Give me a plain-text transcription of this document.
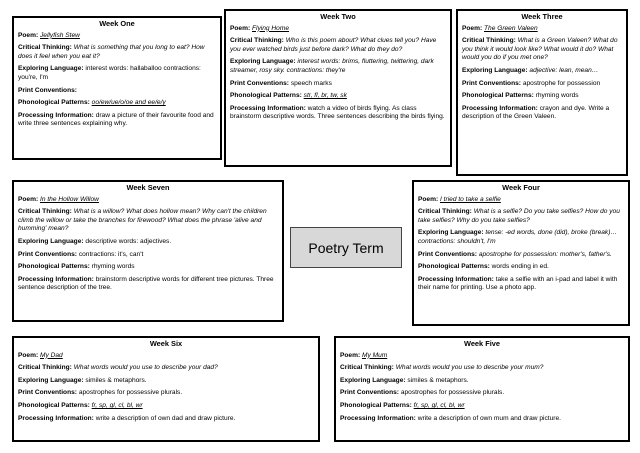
Week One

Poem: Jellyfish Stew

Critical Thinking: What is something that you long to eat? How does it feel when you eat it?

Exploring Language: interest words: hallaballoo contractions: you're, I'm

Print Conventions:

Phonological Patterns: oo/ew/ue/o/oe and ee/e/y

Processing Information: draw a picture of their favourite food and write three sentences explaining why.

Week Two

Poem: Flying Home

Critical Thinking: Who is this poem about? What clues tell you? Have you ever watched birds just before dark? What do they do?

Exploring Language: interest words: brims, fluttering, twittering, dark streamer, rosy sky. contractions: they're

Print Conventions: speech marks

Phonological Patterns: str, fl, br, tw, sk

Processing Information: watch a video of birds flying. As class brainstorm descriptive words. Three sentences describing the birds flying.

Week Three

Poem: The Green Valeen

Critical Thinking: What is a Green Valeen? What do you think it would look like? What would it do? What would you do if you met one?

Exploring Language: adjective: lean, mean…

Print Conventions: apostrophe for possession

Phonological Patterns: rhyming words

Processing Information: crayon and dye. Write a description of the Green Valeen.

Week Seven

Poem: In the Hollow Willow

Critical Thinking: What is a willow? What does hollow mean? Why can't the children climb the willow or take the branches for firewood? What does the phrase 'alive and humming' mean?

Exploring Language: descriptive words: adjectives.

Print Conventions: contractions: it's, can't

Phonological Patterns: rhyming words

Processing Information: brainstorm descriptive words for different tree pictures. Three sentence description of the tree.

Poetry Term
Week Four

Poem: I tried to take a selfie

Critical Thinking: What is a selfie? Do you take selfies? How do you take selfies? Why do you take selfies?

Exploring Language: tense: -ed words, done (did), broke (break)… contractions: shouldn't, I'm

Print Conventions: apostrophe for possession: mother's, father's.

Phonological Patterns: words ending in ed.

Processing Information: take a selfie with an i-pad and label it with their name for printing. Use a photo app.

Week Six

Poem: My Dad

Critical Thinking: What words would you use to describe your dad?

Exploring Language: similes & metaphors.

Print Conventions: apostrophes for possessive plurals.

Phonological Patterns: fr, sp, gl, cl, bl, wr

Processing Information: write a description of own dad and draw picture.

Week Five

Poem: My Mum

Critical Thinking: What words would you use to describe your mum?

Exploring Language: similes & metaphors.

Print Conventions: apostrophes for possessive plurals.

Phonological Patterns: fr, sp, gl, cl, bl, wr

Processing Information: write a description of own mum and draw picture.
